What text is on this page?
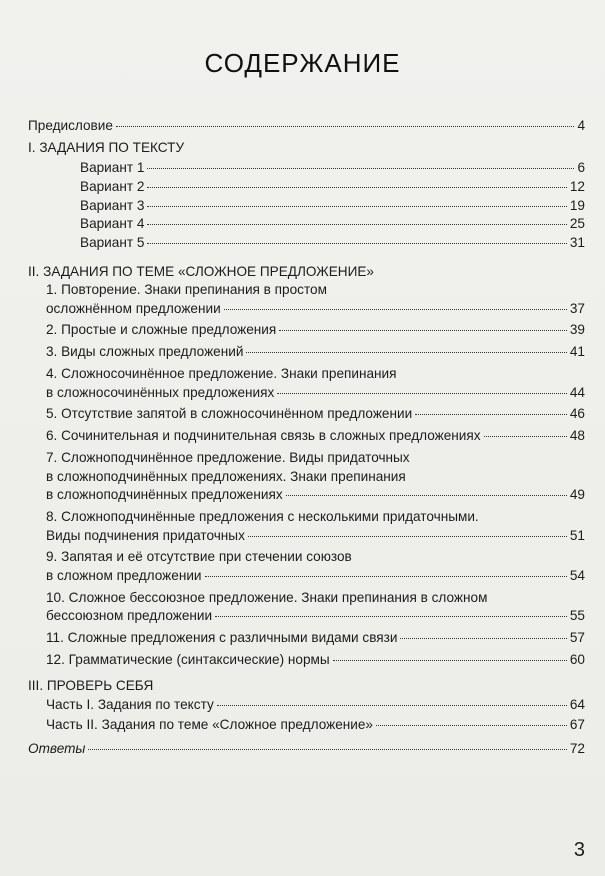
СОДЕРЖАНИЕ
Предисловие	4
I. ЗАДАНИЯ ПО ТЕКСТУ
Вариант 1	6
Вариант 2	12
Вариант 3	19
Вариант 4	25
Вариант 5	31
II. ЗАДАНИЯ ПО ТЕМЕ «СЛОЖНОЕ ПРЕДЛОЖЕНИЕ»
1. Повторение. Знаки препинания в простом
осложнённом предложении	37
2. Простые и сложные предложения	39
3. Виды сложных предложений	41
4. Сложносочинённое предложение. Знаки препинания
в сложносочинённых предложениях	44
5. Отсутствие запятой в сложносочинённом предложении	46
6. Сочинительная и подчинительная связь в сложных предложениях	48
7. Сложноподчинённое предложение. Виды придаточных
в сложноподчинённых предложениях. Знаки препинания
в сложноподчинённых предложениях	49
8. Сложноподчинённые предложения с несколькими придаточными.
Виды подчинения придаточных	51
9. Запятая и её отсутствие при стечении союзов
в сложном предложении	54
10. Сложное бессоюзное предложение. Знаки препинания в сложном
бессоюзном предложении	55
11. Сложные предложения с различными видами связи	57
12. Грамматические (синтаксические) нормы	60
III. ПРОВЕРЬ СЕБЯ
Часть I. Задания по тексту	64
Часть II. Задания по теме «Сложное предложение»	67
Ответы	72
3
